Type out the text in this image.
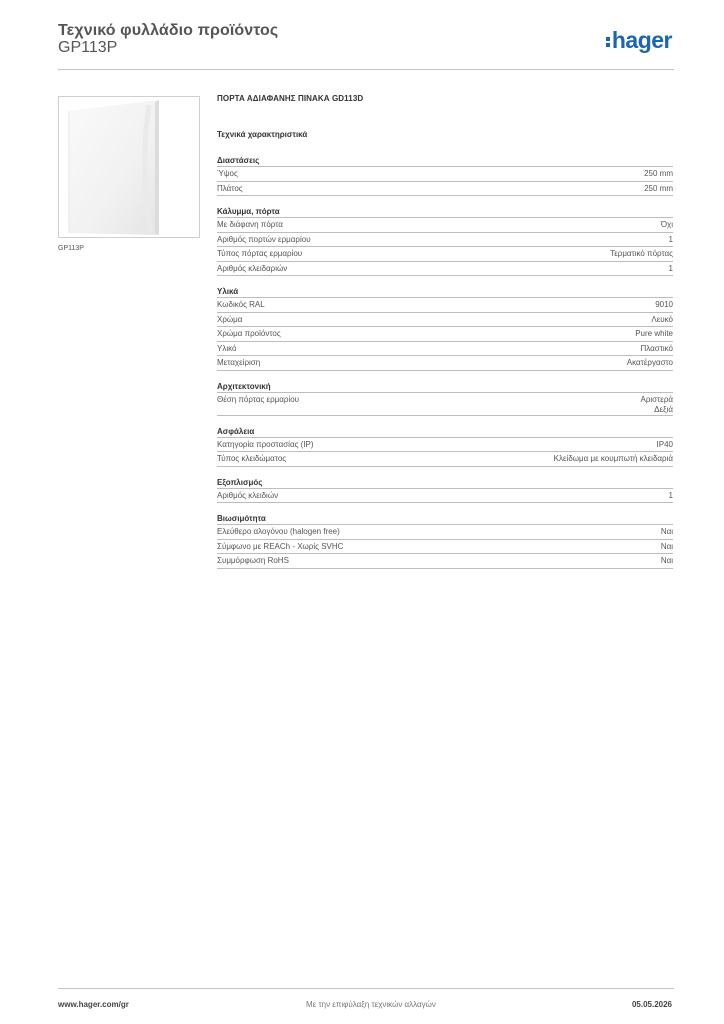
Τεχνικό φυλλάδιο προϊόντος
GP113P	hager
GP113P
ΠΟΡΤΑ ΑΔΙΑΦΑΝΗΣ ΠΙΝΑΚΑ GD113D
Τεχνικά χαρακτηριστικά
Διαστάσεις
Ύψος	250 mm
Πλάτος	250 mm
Κάλυμμα, πόρτα
Με διάφανη πόρτα	Όχι
Αριθμός πορτών ερμαρίου	1
Τύπος πόρτας ερμαρίου	Τερματικό πόρτας
Αριθμός κλειδαριών	1
Υλικά
Κωδικός RAL	9010
Χρώμα	Λευκό
Χρώμα προϊόντος	Pure white
Υλικό	Πλαστικό
Μεταχείριση	Ακατέργαστο
Αρχιτεκτονική
Θέση πόρτας ερμαρίου	Αριστερά
Δεξιά
Ασφάλεια
Κατηγορία προστασίας (IP)	IP40
Τύπος κλειδώματος	Κλείδωμα με κουμπωτή κλειδαριά
Εξοπλισμός
Αριθμός κλειδιών	1
Βιωσιμότητα
Ελεύθερο αλογόνου (halogen free)	Ναι
Σύμφωνο με REACh - Χωρίς SVHC	Ναι
Συμμόρφωση RoHS	Ναι
www.hager.com/gr	Με την επιφύλαξη τεχνικών αλλαγών	05.05.2026
